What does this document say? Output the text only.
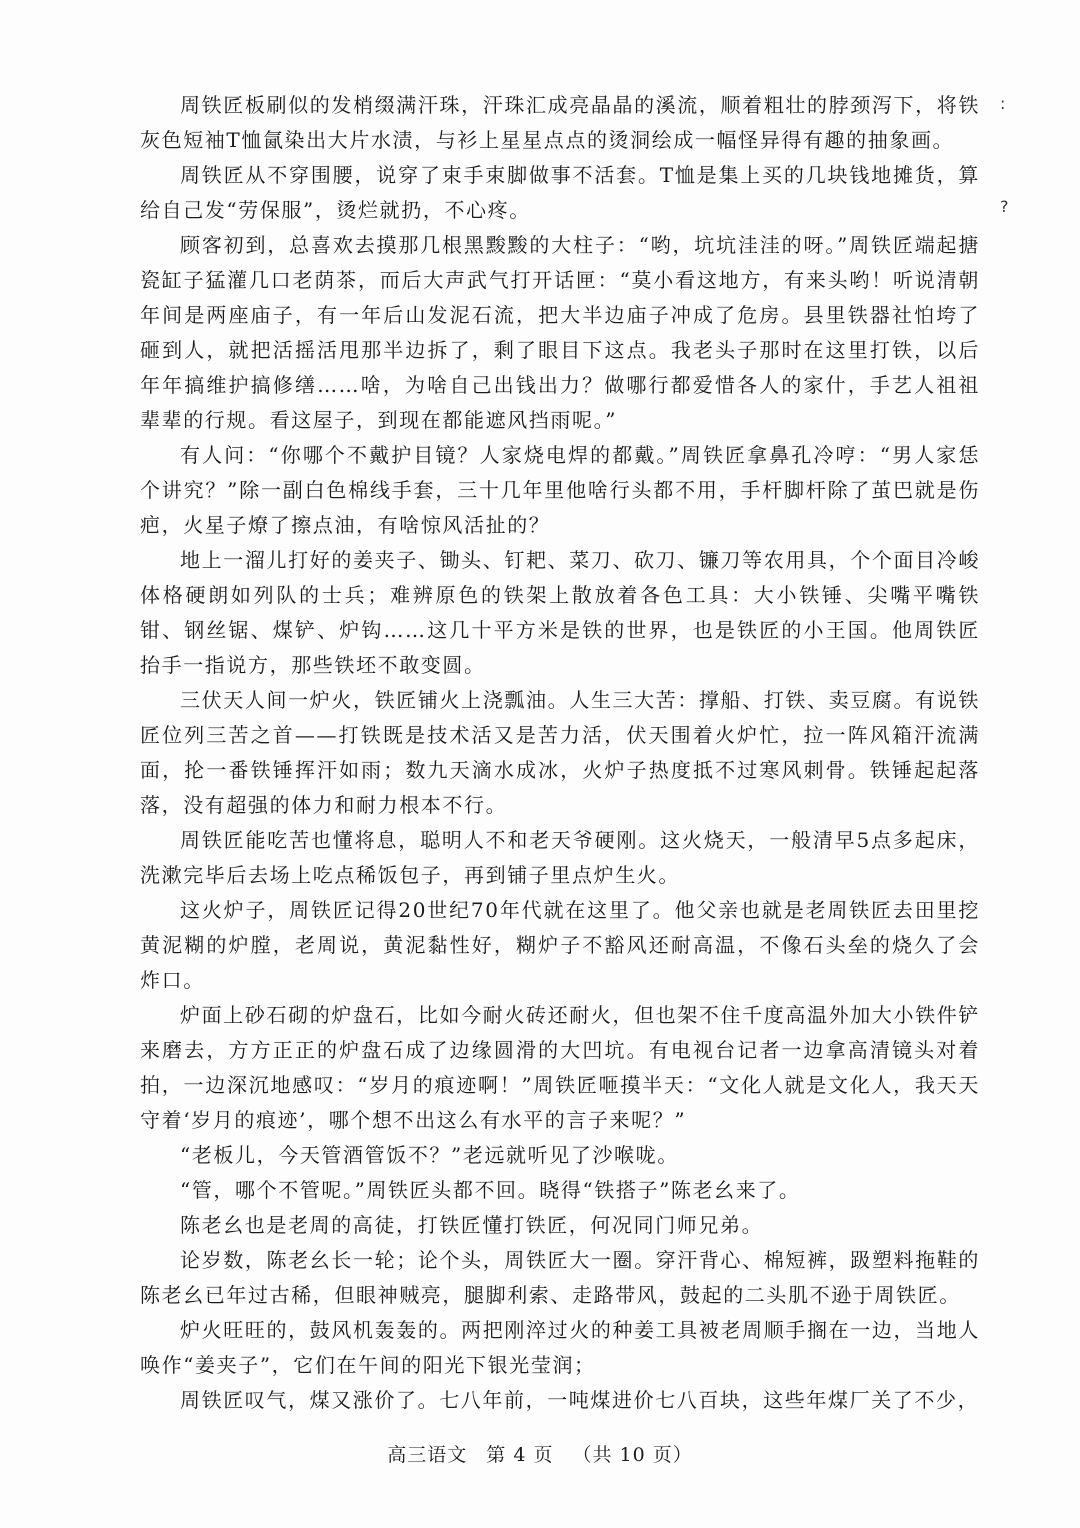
周铁匠板刷似的发梢缀满汗珠，汗珠汇成亮晶晶的溪流，顺着粗壮的脖颈泻下，将铁灰色短袖T恤氤染出大片水渍，与衫上星星点点的烫洞绘成一幅怪异得有趣的抽象画。

周铁匠从不穿围腰，说穿了束手束脚做事不活套。T恤是集上买的几块钱地摊货，算给自己发“劳保服”，烫烂就扔，不心疼。

顾客初到，总喜欢去摸那几根黑黢黢的大柱子：“哟，坑坑洼洼的呀。”周铁匠端起搪瓷缸子猛灌几口老荫茶，而后大声武气打开话匣：“莫小看这地方，有来头哟！听说清朝年间是两座庙子，有一年后山发泥石流，把大半边庙子冲成了危房。县里铁器社怕垮了砸到人，就把活摇活甩那半边拆了，剩了眼目下这点。我老头子那时在这里打铁，以后年年搞维护搞修缮……啥，为啥自己出钱出力？做哪行都爱惜各人的家什，手艺人祖祖辈辈的行规。看这屋子，到现在都能遮风挡雨呢。”

有人问：“你哪个不戴护目镜？人家烧电焊的都戴。”周铁匠拿鼻孔冷哼：“男人家恁个讲究？”除一副白色棉线手套，三十几年里他啥行头都不用，手杆脚杆除了茧巴就是伤疤，火星子燎了擦点油，有啥惊风活扯的？

地上一溜儿打好的姜夹子、锄头、钉耙、菜刀、砍刀、镰刀等农用具，个个面目冷峻体格硬朗如列队的士兵；难辨原色的铁架上散放着各色工具：大小铁锤、尖嘴平嘴铁钳、钢丝锯、煤铲、炉钩……这几十平方米是铁的世界，也是铁匠的小王国。他周铁匠抬手一指说方，那些铁坯不敢变圆。

三伏天人间一炉火，铁匠铺火上浇瓢油。人生三大苦：撑船、打铁、卖豆腐。有说铁匠位列三苦之首——打铁既是技术活又是苦力活，伏天围着火炉忙，拉一阵风箱汗流满面，抡一番铁锤挥汗如雨；数九天滴水成冰，火炉子热度抵不过寒风刺骨。铁锤起起落落，没有超强的体力和耐力根本不行。

周铁匠能吃苦也懂将息，聪明人不和老天爷硬刚。这火烧天，一般清早5点多起床，洗漱完毕后去场上吃点稀饭包子，再到铺子里点炉生火。

这火炉子，周铁匠记得20世纪70年代就在这里了。他父亲也就是老周铁匠去田里挖黄泥糊的炉膛，老周说，黄泥黏性好，糊炉子不豁风还耐高温，不像石头垒的烧久了会炸口。

炉面上砂石砌的炉盘石，比如今耐火砖还耐火，但也架不住千度高温外加大小铁件铲来磨去，方方正正的炉盘石成了边缘圆滑的大凹坑。有电视台记者一边拿高清镜头对着拍，一边深沉地感叹：“岁月的痕迹啊！”周铁匠咂摸半天：“文化人就是文化人，我天天守着‘岁月的痕迹’，哪个想不出这么有水平的言子来呢？”

“老板儿，今天管酒管饭不？”老远就听见了沙喉咙。

“管，哪个不管呢。”周铁匠头都不回。晓得“铁搭子”陈老幺来了。

陈老幺也是老周的高徒，打铁匠懂打铁匠，何况同门师兄弟。

论岁数，陈老幺长一轮；论个头，周铁匠大一圈。穿汗背心、棉短裤，趿塑料拖鞋的陈老幺已年过古稀，但眼神贼亮，腿脚利索、走路带风，鼓起的二头肌不逊于周铁匠。

炉火旺旺的，鼓风机轰轰的。两把刚淬过火的种姜工具被老周顺手搁在一边，当地人唤作“姜夹子”，它们在午间的阳光下银光莹润；

周铁匠叹气，煤又涨价了。七八年前，一吨煤进价七八百块，这些年煤厂关了不少，

:
?
高三语文 第 4 页 （共 10 页）
